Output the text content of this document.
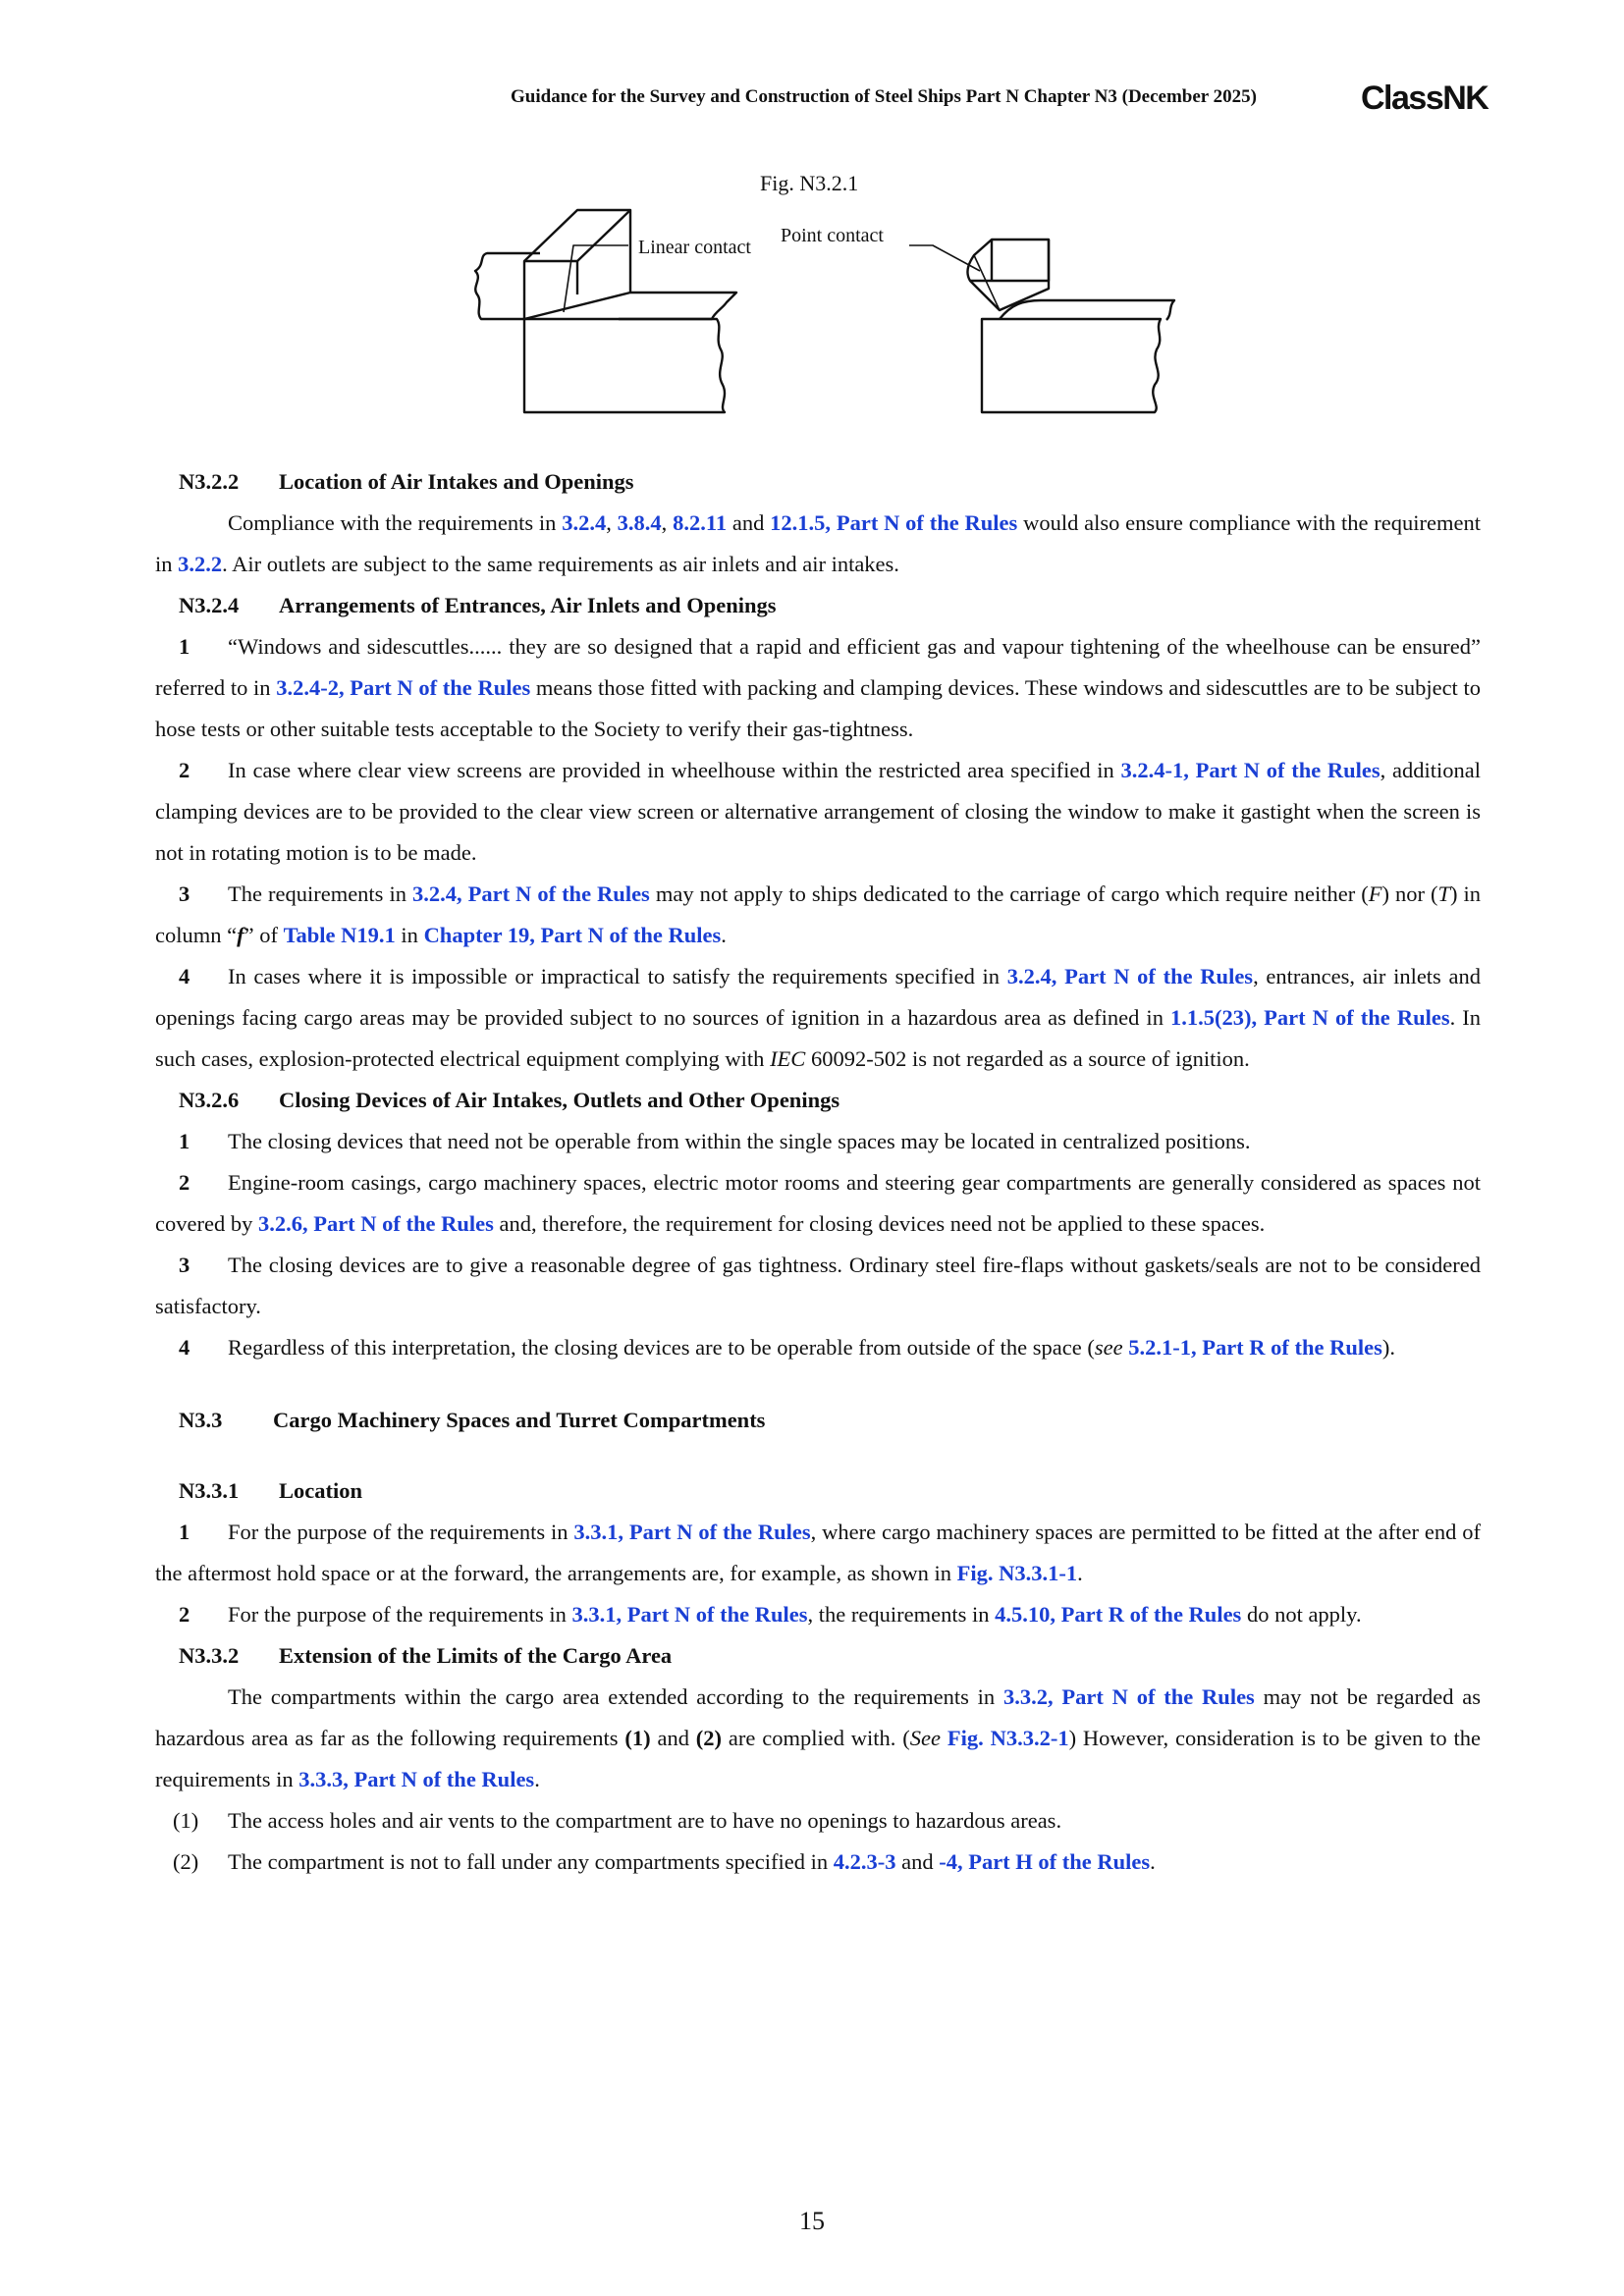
Guidance for the Survey and Construction of Steel Ships Part N Chapter N3 (December 2025)	ClassNK
Fig. N3.2.1
Linear contact
Point contact
N3.2.2 Location of Air Intakes and Openings

Compliance with the requirements in 3.2.4, 3.8.4, 8.2.11 and 12.1.5, Part N of the Rules would also ensure compliance with the requirement in 3.2.2. Air outlets are subject to the same requirements as air inlets and air intakes.

N3.2.4 Arrangements of Entrances, Air Inlets and Openings

1 “Windows and sidescuttles...... they are so designed that a rapid and efficient gas and vapour tightening of the wheelhouse can be ensured” referred to in 3.2.4-2, Part N of the Rules means those fitted with packing and clamping devices. These windows and sidescuttles are to be subject to hose tests or other suitable tests acceptable to the Society to verify their gas-tightness.

2 In case where clear view screens are provided in wheelhouse within the restricted area specified in 3.2.4-1, Part N of the Rules, additional clamping devices are to be provided to the clear view screen or alternative arrangement of closing the window to make it gastight when the screen is not in rotating motion is to be made.

3 The requirements in 3.2.4, Part N of the Rules may not apply to ships dedicated to the carriage of cargo which require neither (F) nor (T) in column “f” of Table N19.1 in Chapter 19, Part N of the Rules.

4 In cases where it is impossible or impractical to satisfy the requirements specified in 3.2.4, Part N of the Rules, entrances, air inlets and openings facing cargo areas may be provided subject to no sources of ignition in a hazardous area as defined in 1.1.5(23), Part N of the Rules. In such cases, explosion-protected electrical equipment complying with IEC 60092-502 is not regarded as a source of ignition.

N3.2.6 Closing Devices of Air Intakes, Outlets and Other Openings

1 The closing devices that need not be operable from within the single spaces may be located in centralized positions.

2 Engine-room casings, cargo machinery spaces, electric motor rooms and steering gear compartments are generally considered as spaces not covered by 3.2.6, Part N of the Rules and, therefore, the requirement for closing devices need not be applied to these spaces.

3 The closing devices are to give a reasonable degree of gas tightness. Ordinary steel fire-flaps without gaskets/seals are not to be considered satisfactory.

4 Regardless of this interpretation, the closing devices are to be operable from outside of the space (see 5.2.1-1, Part R of the Rules).

N3.3 Cargo Machinery Spaces and Turret Compartments
N3.3.1 Location

1 For the purpose of the requirements in 3.3.1, Part N of the Rules, where cargo machinery spaces are permitted to be fitted at the after end of the aftermost hold space or at the forward, the arrangements are, for example, as shown in Fig. N3.3.1-1.

2 For the purpose of the requirements in 3.3.1, Part N of the Rules, the requirements in 4.5.10, Part R of the Rules do not apply.

N3.3.2 Extension of the Limits of the Cargo Area

The compartments within the cargo area extended according to the requirements in 3.3.2, Part N of the Rules may not be regarded as hazardous area as far as the following requirements (1) and (2) are complied with. (See Fig. N3.3.2-1) However, consideration is to be given to the requirements in 3.3.3, Part N of the Rules.

(1) The access holes and air vents to the compartment are to have no openings to hazardous areas.

(2) The compartment is not to fall under any compartments specified in 4.2.3-3 and -4, Part H of the Rules.

15
